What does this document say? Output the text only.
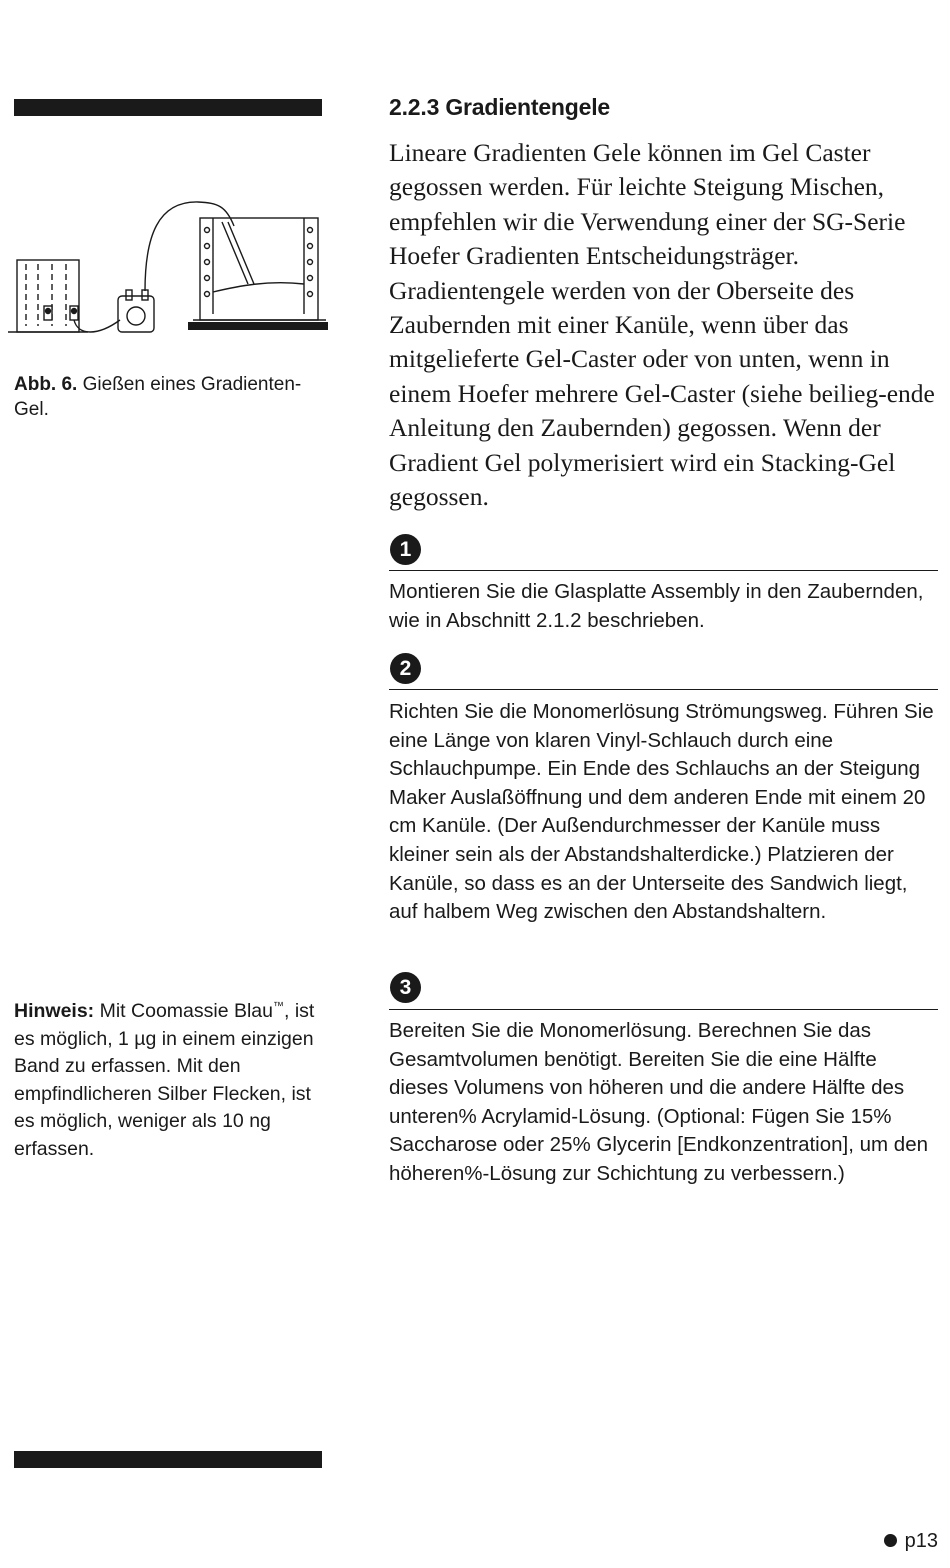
Abb. 6. Gießen eines Gradienten-Gel.
Hinweis: Mit Coomassie Blau™, ist es möglich, 1 µg in einem einzigen Band zu erfassen. Mit den empfindlicheren Silber Flecken, ist es möglich, weniger als 10 ng erfassen.
2.2.3 Gradientengele
Lineare Gradienten Gele können im Gel Caster gegossen werden. Für leichte Steigung Mischen, empfehlen wir die Verwendung einer der SG-Serie Hoefer Gradienten Entscheidungsträger. Gradientengele werden von der Oberseite des Zaubernden mit einer Kanüle, wenn über das mitgelieferte Gel-Caster oder von unten, wenn in einem Hoefer mehrere Gel-Caster (siehe beilieg-ende Anleitung den Zaubernden) gegossen. Wenn der Gradient Gel polymerisiert wird ein Stacking-Gel gegossen.
1
Montieren Sie die Glasplatte Assembly in den Zaubernden, wie in Abschnitt 2.1.2 beschrieben.
2
Richten Sie die Monomerlösung Strömungsweg. Führen Sie eine Länge von klaren Vinyl-Schlauch durch eine Schlauchpumpe. Ein Ende des Schlauchs an der Steigung Maker Auslaßöffnung und dem anderen Ende mit einem 20 cm Kanüle. (Der Außendurchmesser der Kanüle muss kleiner sein als der Abstandshalterdicke.) Platzieren der Kanüle, so dass es an der Unterseite des Sandwich liegt, auf halbem Weg zwischen den Abstandshaltern.
3
Bereiten Sie die Monomerlösung. Berechnen Sie das Gesamtvolumen benötigt. Bereiten Sie die eine Hälfte dieses Volumens von höheren und die andere Hälfte des unteren% Acrylamid-Lösung. (Optional: Fügen Sie 15% Saccharose oder 25% Glycerin [Endkonzentration], um den höheren%-Lösung zur Schichtung zu verbessern.)
p13
